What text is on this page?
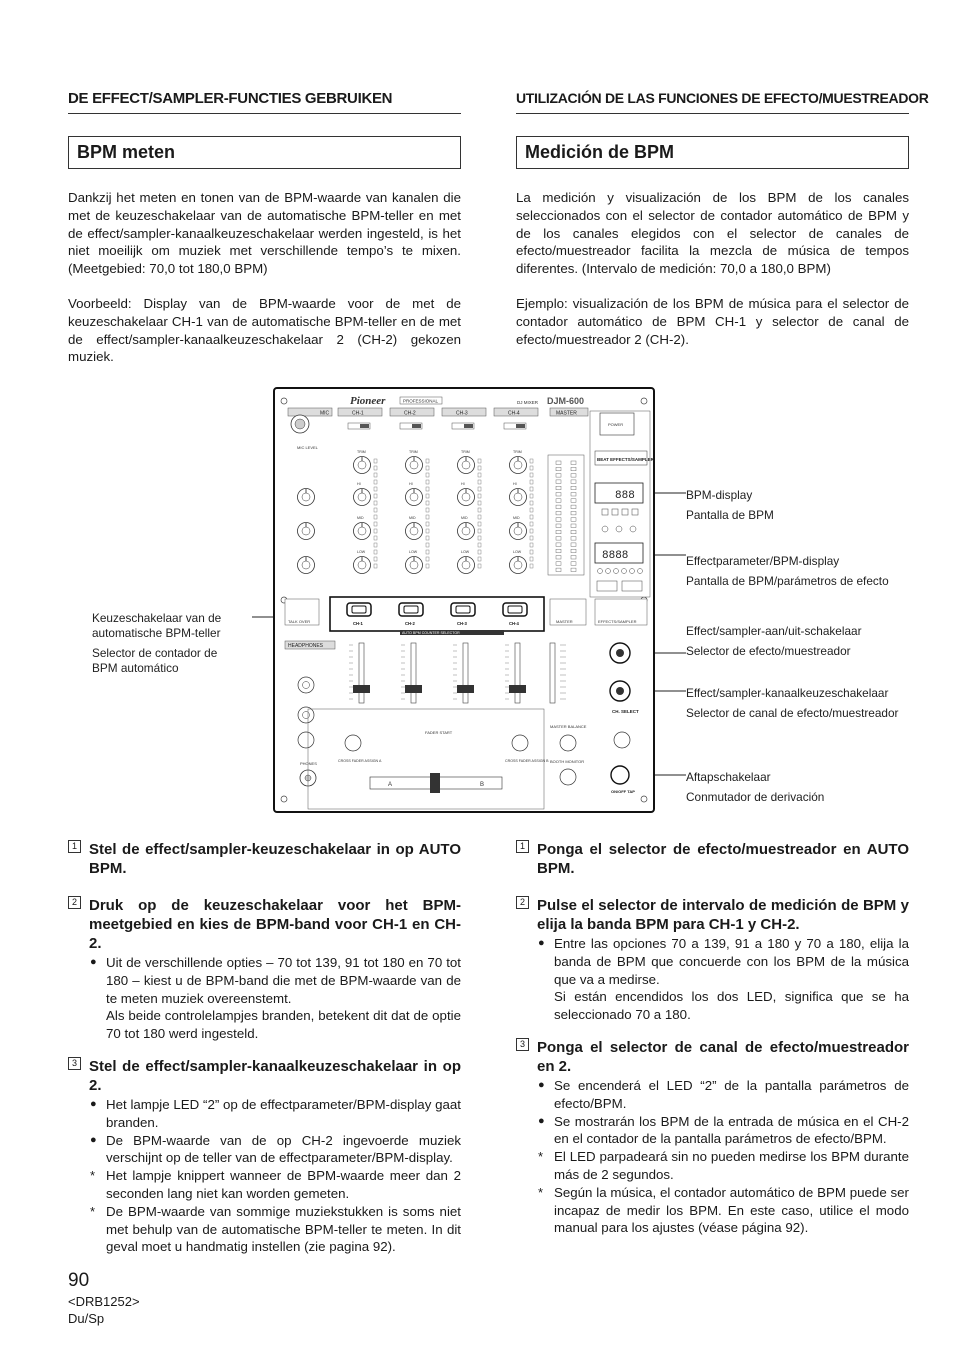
DE EFFECT/SAMPLER-FUNCTIES GEBRUIKEN	UTILIZACIÓN DE LAS FUNCIONES DE EFECTO/MUESTREADOR
BPM meten	Medición de BPM
Dankzij het meten en tonen van de BPM-waarde van kanalen die met de keuzeschakelaar van de automatische BPM-teller en met de effect/sampler-kanaalkeuzeschakelaar werden ingesteld, is het niet moeilijk om muziek met verschillende tempo’s te mixen. (Meetgebied: 70,0 tot 180,0 BPM)
Voorbeeld: Display van de BPM-waarde voor de met de keuzeschakelaar CH-1 van de automatische BPM-teller en de met de effect/sampler-kanaalkeuzeschakelaar 2 (CH-2) gekozen muziek.
La medición y visualización de los BPM de los canales seleccionados con el selector de contador automático de BPM y de los canales elegidos con el selector de canales de efecto/muestreador facilita la mezcla de música de tempos diferentes. (Intervalo de medición: 70,0 a 180,0 BPM)
Ejemplo: visualización de los BPM de música para el selector de contador automático de BPM CH-1 y selector de canal de efecto/muestreador 2 (CH-2).
Keuzeschakelaar van de
automatische BPM-teller
Selector de contador de
BPM automático
BPM-display
Pantalla de BPM
Effectparameter/BPM-display
Pantalla de BPM/parámetros de efecto
Effect/sampler-aan/uit-schakelaar
Selector de efecto/muestreador
Effect/sampler-kanaalkeuzeschakelaar
Selector de canal de efecto/muestreador
Aftapschakelaar
Conmutador de derivación
Pioneer	PROFESSIONAL	DJ MIXER DJM-600
MIC	CH-1	CH-2	CH-3	CH-4	MASTER
MIC LEVEL
TRIM
HI
MID
LOW
TRIM
HI
MID
LOW
TRIM
HI
MID
LOW
TRIM
HI
MID
LOW
POWER
BEAT EFFECTS/SAMPLER
888
8888
TALK OVER	CH-1	CH-2	CH-3	CH-4
AUTO BPM COUNTER SELECTOR
MASTER	EFFECTS/SAMPLER
HEADPHONES
PHONES
FADER START
CROSS FADER ASSIGN A	CROSS FADER ASSIGN B
A	B
MASTER BALANCE
BOOTH MONITOR
CH. SELECT
ON/OFF TAP
1 Stel de effect/sampler-keuzeschakelaar in op AUTO BPM.
2 Druk op de keuzeschakelaar voor het BPM-meetgebied en kies de BPM-band voor CH-1 en CH-2.
● Uit de verschillende opties – 70 tot 139, 91 tot 180 en 70 tot 180 – kiest u de BPM-band die met de BPM-waarde van de te meten muziek overeenstemt.
Als beide controlelampjes branden, betekent dit dat de optie 70 tot 180 werd ingesteld.
3 Stel de effect/sampler-kanaalkeuzeschakelaar in op 2.
● Het lampje LED “2” op de effectparameter/BPM-display gaat branden.
● De BPM-waarde van de op CH-2 ingevoerde muziek verschijnt op de teller van de effectparameter/BPM-display.
* Het lampje knippert wanneer de BPM-waarde meer dan 2 seconden lang niet kan worden gemeten.
* De BPM-waarde van sommige muziekstukken is soms niet met behulp van de automatische BPM-teller te meten. In dit geval moet u handmatig instellen (zie pagina 92).
1 Ponga el selector de efecto/muestreador en AUTO BPM.
2 Pulse el selector de intervalo de medición de BPM y elija la banda BPM para CH-1 y CH-2.
● Entre las opciones 70 a 139, 91 a 180 y 70 a 180, elija la banda de BPM que concuerde con los BPM de la música que va a medirse.
Si están encendidos los dos LED, significa que se ha seleccionado 70 a 180.
3 Ponga el selector de canal de efecto/muestreador en 2.
● Se encenderá el LED “2” de la pantalla parámetros de efecto/BPM.
● Se mostrarán los BPM de la entrada de música en el CH-2 en el contador de la pantalla parámetros de efecto/BPM.
* El LED parpadeará sin no pueden medirse los BPM durante más de 2 segundos.
* Según la música, el contador automático de BPM puede ser incapaz de medir los BPM. En este caso, utilice el modo manual para los ajustes (véase página 92).
90
<DRB1252>
Du/Sp
